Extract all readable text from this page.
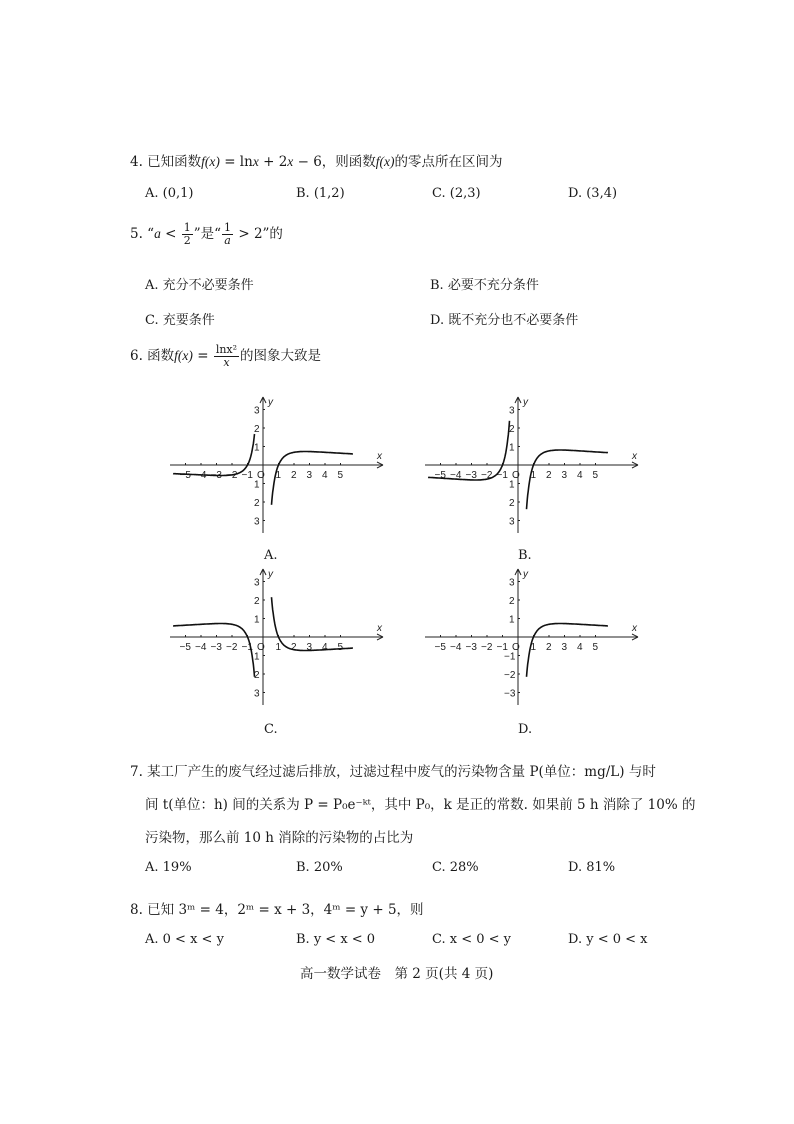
4. 已知函数f(x) = lnx + 2x − 6，则函数f(x)的零点所在区间为
A. (0,1)	B. (1,2)	C. (2,3)	D. (3,4)
5. “$a < \frac{1}{2}$ ”是“ $\frac{1}{a} > 2$”的
A. 充分不必要条件	B. 必要不充分条件
C. 充要条件	D. 既不充分也不必要条件
6. 函数$f(x) = \frac{\text{lnx²}}{x}$ 的图象大致是
x
y
−5 −4 −3 −2 −1 O 1 2 3 4 5
3
2
1
1
2
3
A.
x
y
−5 −4 −3 −2 −1 O 1 2 3 4 5
3
2
1
1
2
3
B.
x
y
−5 −4 −3 −2 −1 O 1 2 3 4 5
3
2
1
1
2
3
C.
x
y
−5 −4 −3 −2 −1 O 1 2 3 4 5
3
2
1
−1
−2
−3
D.
7. 某工厂产生的废气经过滤后排放，过滤过程中废气的污染物含量 P(单位：mg/L) 与时
间 t(单位：h) 间的关系为 P = P₀e⁻ᵏᵗ，其中 P₀，k 是正的常数. 如果前 5 h 消除了 10% 的
污染物，那么前 10 h 消除的污染物的占比为
A. 19%	B. 20%	C. 28%	D. 81%
8. 已知 3ᵐ = 4，2ᵐ = x + 3，4ᵐ = y + 5，则
A. 0 < x < y	B. y < x < 0	C. x < 0 < y	D. y < 0 < x
高一数学试卷　第 2 页(共 4 页)
